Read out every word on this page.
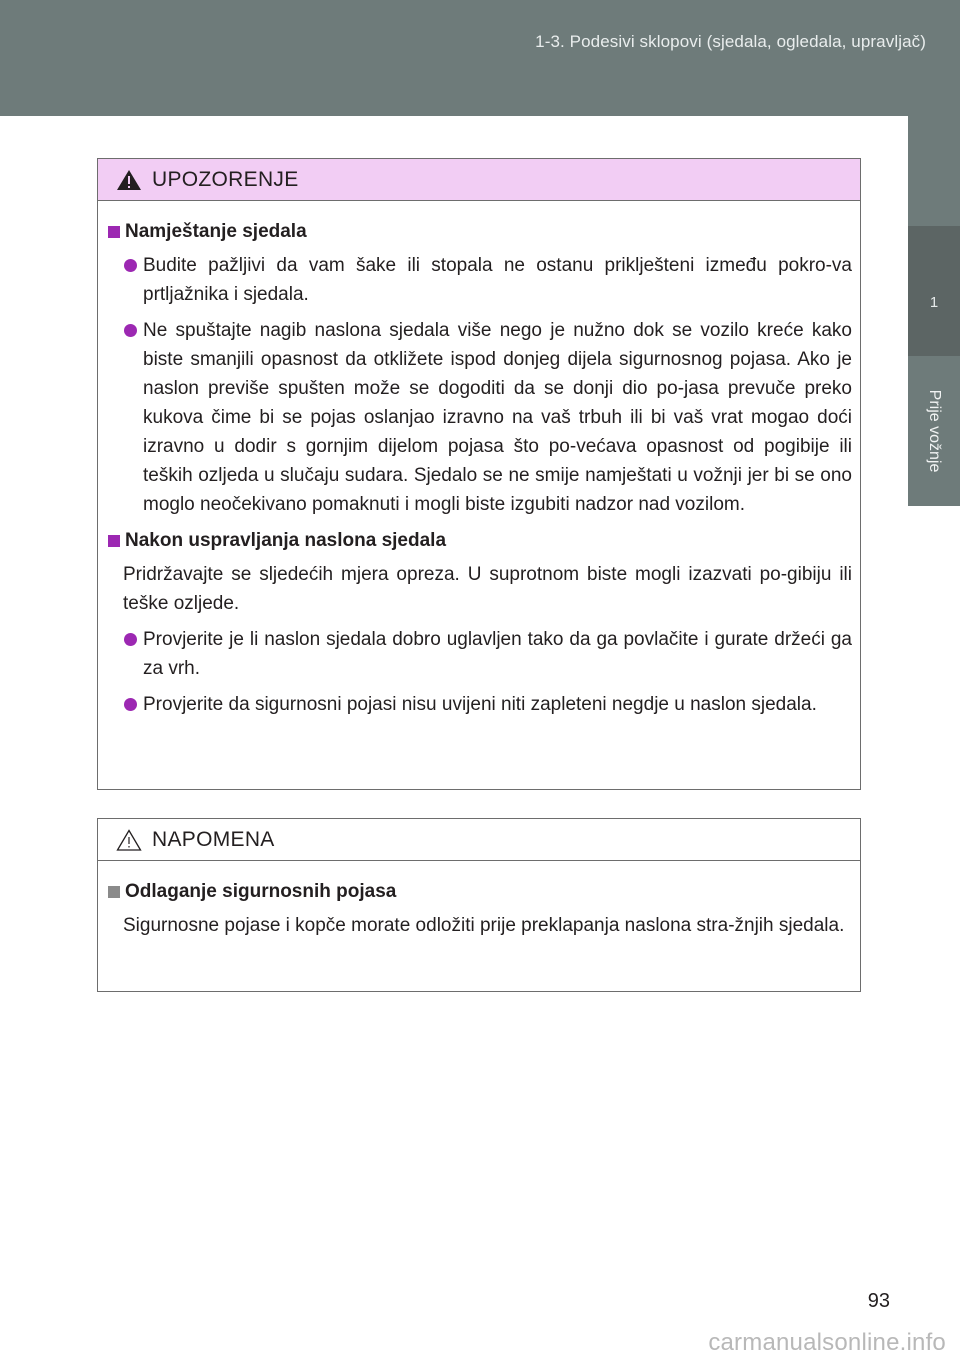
1-3. Podesivi sklopovi (sjedala, ogledala, upravljač)
1
Prije vožnje
UPOZORENJE
Namještanje sjedala
Budite pažljivi da vam šake ili stopala ne ostanu priklješteni između pokro-va prtljažnika i sjedala.
Ne spuštajte nagib naslona sjedala više nego je nužno dok se vozilo kreće kako biste smanjili opasnost da otkližete ispod donjeg dijela sigurnosnog pojasa. Ako je naslon previše spušten može se dogoditi da se donji dio po-jasa prevuče preko kukova čime bi se pojas oslanjao izravno na vaš trbuh ili bi vaš vrat mogao doći izravno u dodir s gornjim dijelom pojasa što po-većava opasnost od pogibije ili teških ozljeda u slučaju sudara. Sjedalo se ne smije namještati u vožnji jer bi se ono moglo neočekivano pomaknuti i mogli biste izgubiti nadzor nad vozilom.
Nakon uspravljanja naslona sjedala
Pridržavajte se sljedećih mjera opreza. U suprotnom biste mogli izazvati po-gibiju ili teške ozljede.
Provjerite je li naslon sjedala dobro uglavljen tako da ga povlačite i gurate držeći ga za vrh.
Provjerite da sigurnosni pojasi nisu uvijeni niti zapleteni negdje u naslon sjedala.
NAPOMENA
Odlaganje sigurnosnih pojasa
Sigurnosne pojase i kopče morate odložiti prije preklapanja naslona stra-žnjih sjedala.
93
carmanualsonline.info
